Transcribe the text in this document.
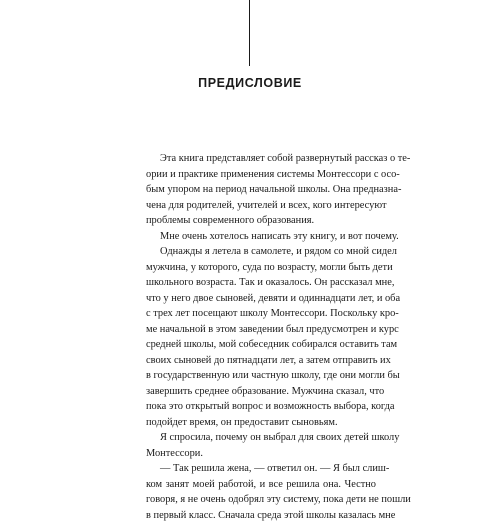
ПРЕДИСЛОВИЕ

Эта книга представляет собой развернутый рассказ о те-
ории и практике применения системы Монтессори с осо-
бым упором на период начальной школы. Она предназна-
чена для родителей, учителей и всех, кого интересуют
проблемы современного образования.

Мне очень хотелось написать эту книгу, и вот почему.

Однажды я летела в самолете, и рядом со мной сидел
мужчина, у которого, суда по возрасту, могли быть дети
школьного возраста. Так и оказалось. Он рассказал мне,
что у него двое сыновей, девяти и одиннадцати лет, и оба
с трех лет посещают школу Монтессори. Поскольку кро-
ме начальной в этом заведении был предусмотрен и курс
средней школы, мой собеседник собирался оставить там
своих сыновей до пятнадцати лет, а затем отправить их
в государственную или частную школу, где они могли бы
завершить среднее образование. Мужчина сказал, что
пока это открытый вопрос и возможность выбора, когда
подойдет время, он предоставит сыновьям.

Я спросила, почему он выбрал для своих детей школу
Монтессори.

— Так решила жена, — ответил он. — Я был слиш-
ком занят моей работой, и все решила она. Честно
говоря, я не очень одобрял эту систему, пока дети не пошли
в первый класс. Сначала среда этой школы казалась мне
